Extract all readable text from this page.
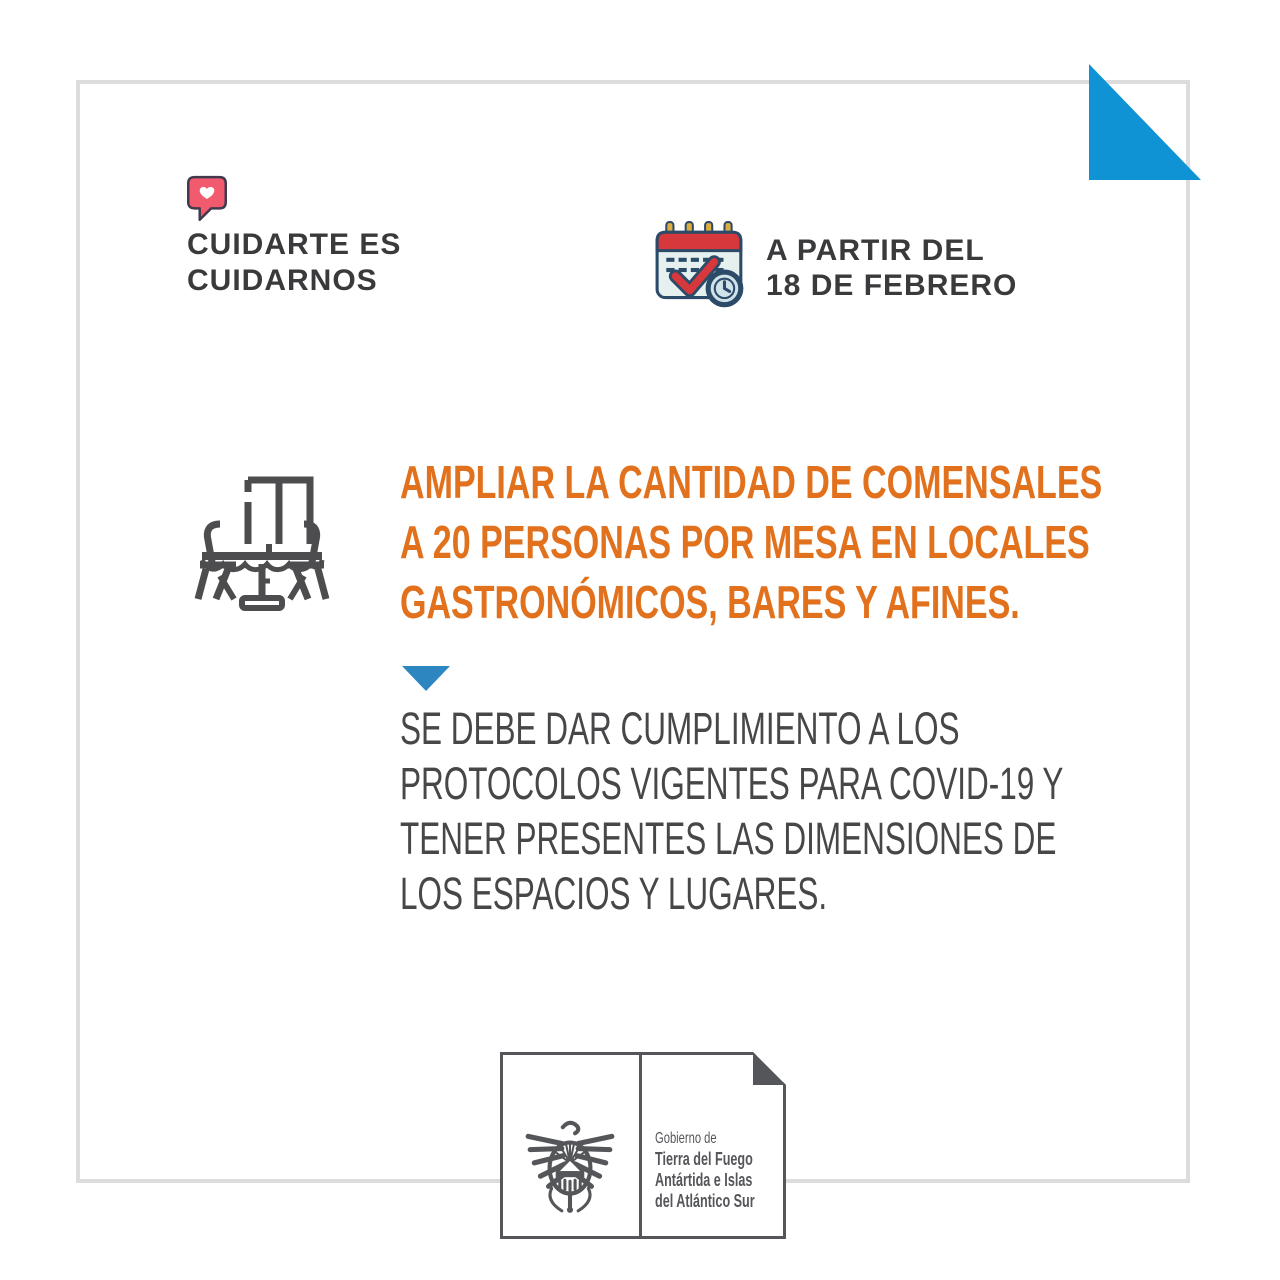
CUIDARTE ES
CUIDARNOS
A PARTIR DEL
18 DE FEBRERO
AMPLIAR LA CANTIDAD DE COMENSALES
A 20 PERSONAS POR MESA EN LOCALES
GASTRONÓMICOS, BARES Y AFINES.
SE DEBE DAR CUMPLIMIENTO A LOS
PROTOCOLOS VIGENTES PARA COVID-19 Y
TENER PRESENTES LAS DIMENSIONES DE
LOS ESPACIOS Y LUGARES.
Gobierno de
Tierra del Fuego
Antártida e Islas
del Atlántico Sur
